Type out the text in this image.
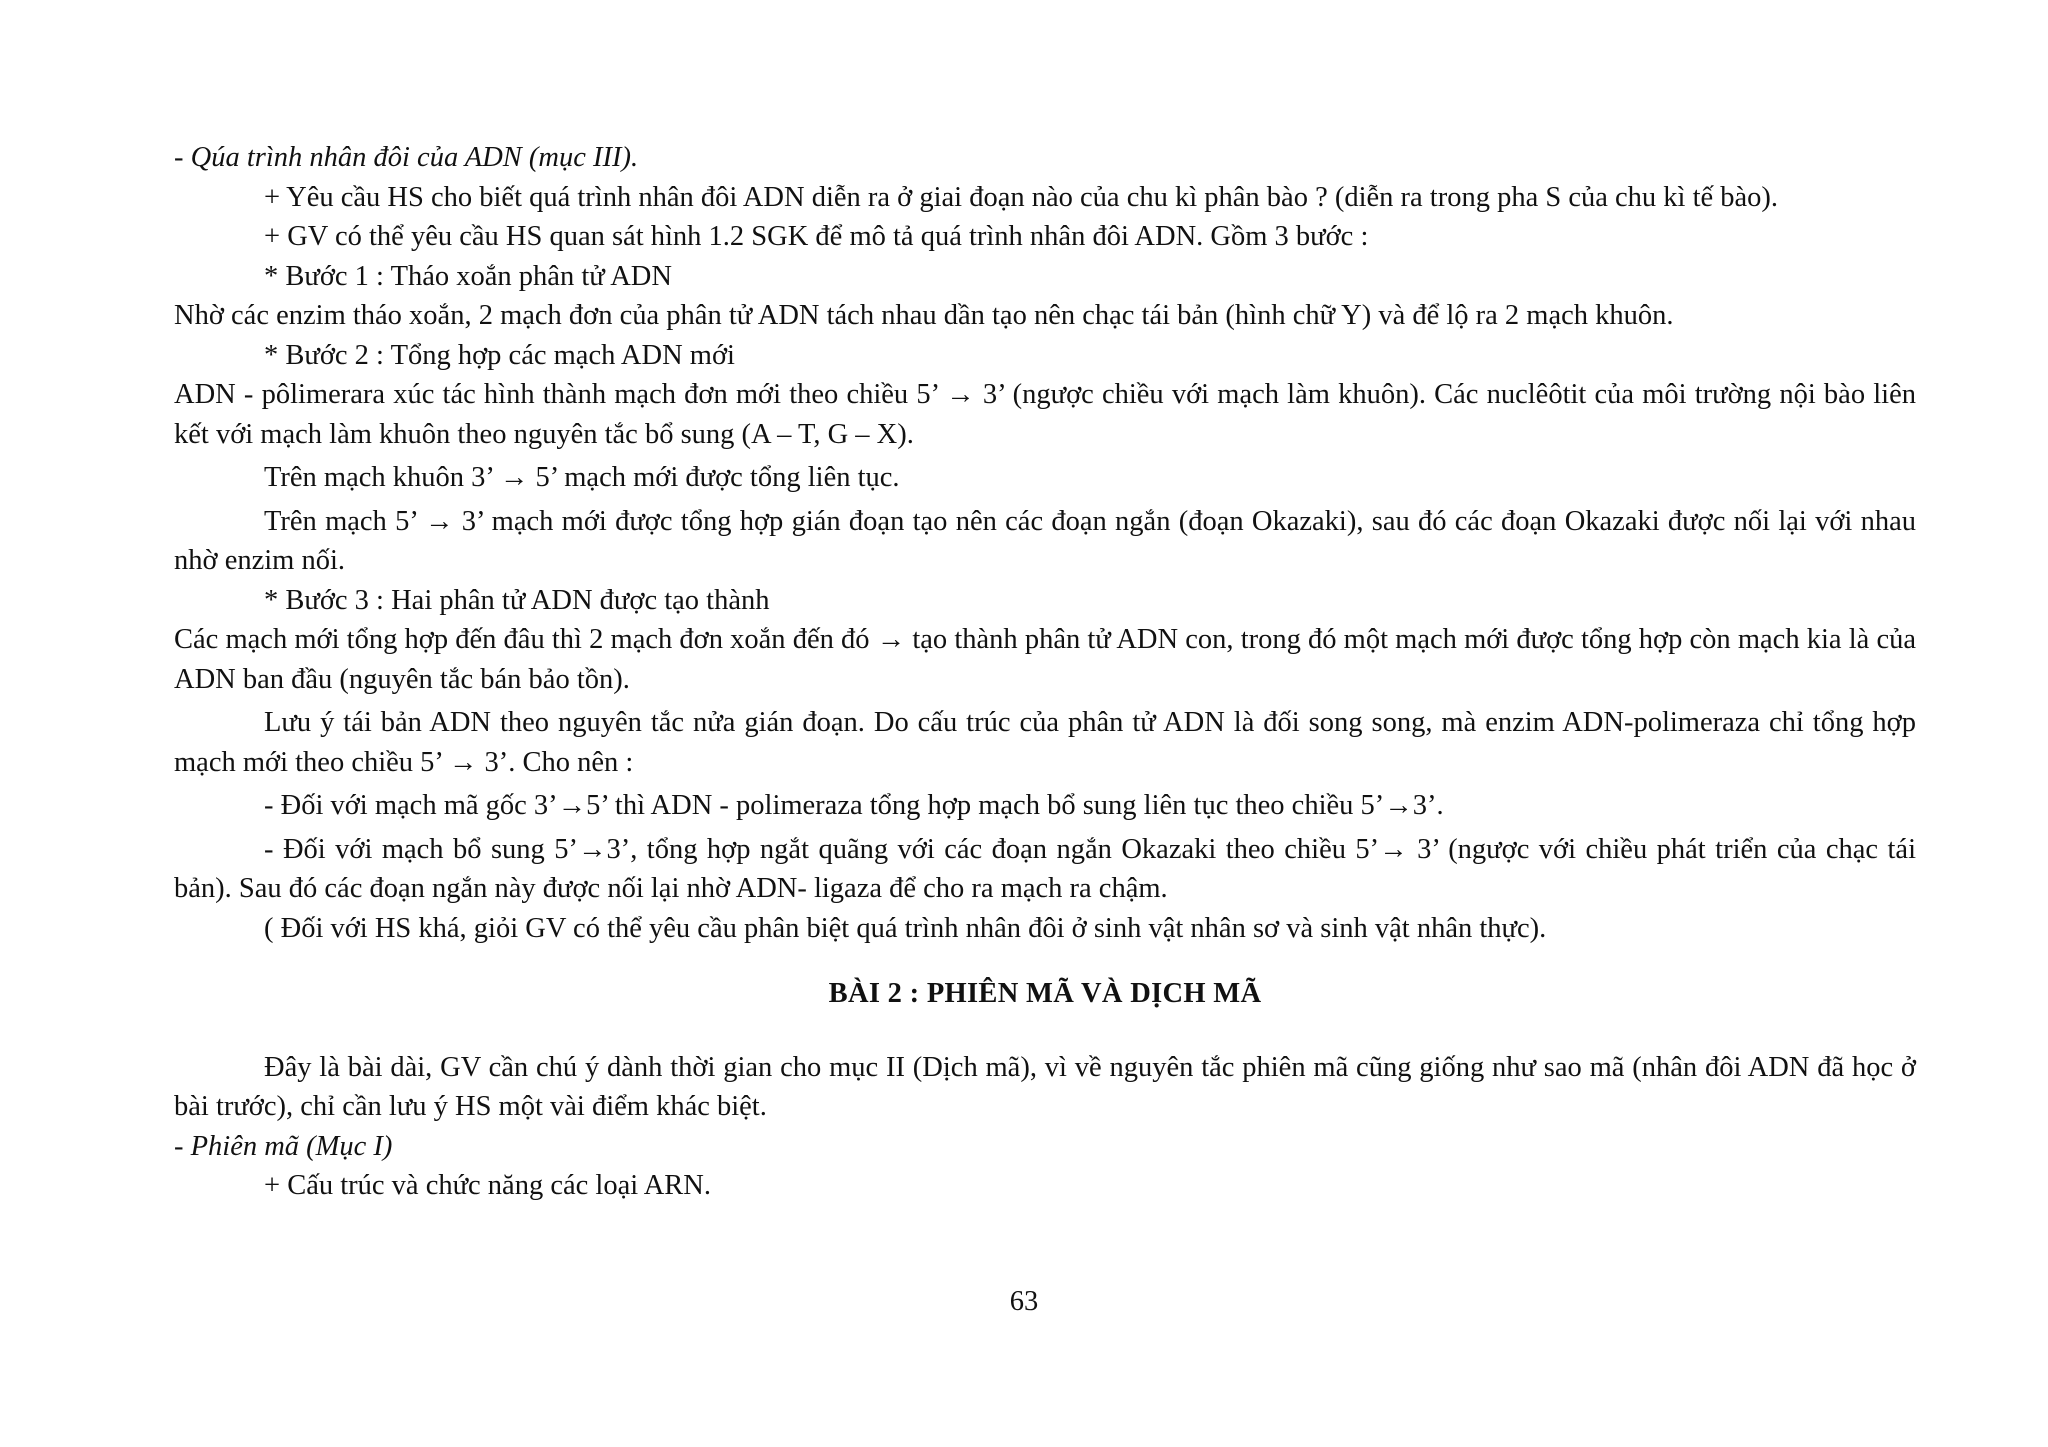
- Qúa trình nhân đôi của ADN (mục III).

+ Yêu cầu HS cho biết quá trình nhân đôi ADN diễn ra ở giai đoạn nào của chu kì phân bào ? (diễn ra trong pha S của chu kì tế bào).

+ GV có thể yêu cầu HS quan sát hình 1.2 SGK để mô tả quá trình nhân đôi ADN. Gồm 3 bước :

* Bước 1 : Tháo xoắn phân tử ADN

Nhờ các enzim tháo xoắn, 2 mạch đơn của phân tử ADN tách nhau dần tạo nên chạc tái bản (hình chữ Y) và để lộ ra 2 mạch khuôn.

* Bước 2 : Tổng hợp các mạch ADN mới

ADN - pôlimerara xúc tác hình thành mạch đơn mới theo chiều 5’ → 3’ (ngược chiều với mạch làm khuôn). Các nuclêôtit của môi trường nội bào liên kết với mạch làm khuôn theo nguyên tắc bổ sung (A – T, G – X).

Trên mạch khuôn 3’ → 5’ mạch mới được tổng liên tục.

Trên mạch 5’ → 3’ mạch mới được tổng hợp gián đoạn tạo nên các đoạn ngắn (đoạn Okazaki), sau đó các đoạn Okazaki được nối lại với nhau nhờ enzim nối.

* Bước 3 : Hai phân tử ADN được tạo thành

Các mạch mới tổng hợp đến đâu thì 2 mạch đơn xoắn đến đó → tạo thành phân tử ADN con, trong đó một mạch mới được tổng hợp còn mạch kia là của ADN ban đầu (nguyên tắc bán bảo tồn).

Lưu ý tái bản ADN theo nguyên tắc nửa gián đoạn. Do cấu trúc của phân tử ADN là đối song song, mà enzim ADN-polimeraza chỉ tổng hợp mạch mới theo chiều 5’ → 3’. Cho nên :

- Đối với mạch mã gốc 3’→5’ thì ADN - polimeraza tổng hợp mạch bổ sung liên tục theo chiều 5’→3’.

- Đối với mạch bổ sung 5’→3’, tổng hợp ngắt quãng với các đoạn ngắn Okazaki theo chiều 5’→ 3’ (ngược với chiều phát triển của chạc tái bản). Sau đó các đoạn ngắn này được nối lại nhờ ADN- ligaza để cho ra mạch ra chậm.

( Đối với HS khá, giỏi GV có thể yêu cầu phân biệt quá trình nhân đôi ở sinh vật nhân sơ và sinh vật nhân thực).

BÀI 2 : PHIÊN MÃ VÀ DỊCH MÃ

Đây là bài dài, GV cần chú ý dành thời gian cho mục II (Dịch mã), vì về nguyên tắc phiên mã cũng giống như sao mã (nhân đôi ADN đã học ở bài trước), chỉ cần lưu ý HS một vài điểm khác biệt.

- Phiên mã (Mục I)

+ Cấu trúc và chức năng các loại ARN.

63
